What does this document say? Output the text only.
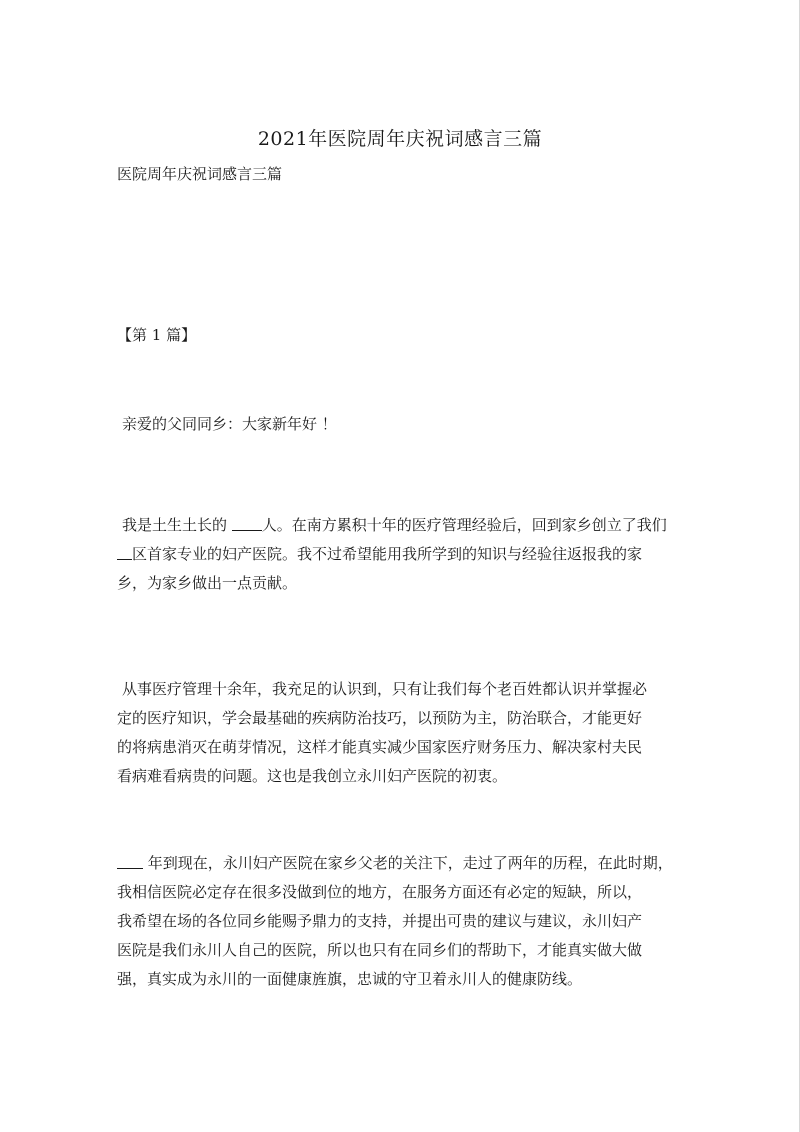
2021年医院周年庆祝词感言三篇
医院周年庆祝词感言三篇
【第 1 篇】
亲爱的父同同乡：大家新年好 ！
我是土生土长的 人。在南方累积十年的医疗管理经验后，回到家乡创立了我们
区首家专业的妇产医院。我不过希望能用我所学到的知识与经验往返报我的家
乡，为家乡做出一点贡献。
从事医疗管理十余年，我充足的认识到，只有让我们每个老百姓都认识并掌握必
定的医疗知识，学会最基础的疾病防治技巧，以预防为主，防治联合，才能更好
的将病患消灭在萌芽情况，这样才能真实减少国家医疗财务压力、解决家村夫民
看病难看病贵的问题。这也是我创立永川妇产医院的初衷。
年到现在，永川妇产医院在家乡父老的关注下，走过了两年的历程，在此时期，
我相信医院必定存在很多没做到位的地方，在服务方面还有必定的短缺，所以，
我希望在场的各位同乡能赐予鼎力的支持，并提出可贵的建议与建议，永川妇产
医院是我们永川人自己的医院，所以也只有在同乡们的帮助下，才能真实做大做
强，真实成为永川的一面健康旌旗，忠诚的守卫着永川人的健康防线。
